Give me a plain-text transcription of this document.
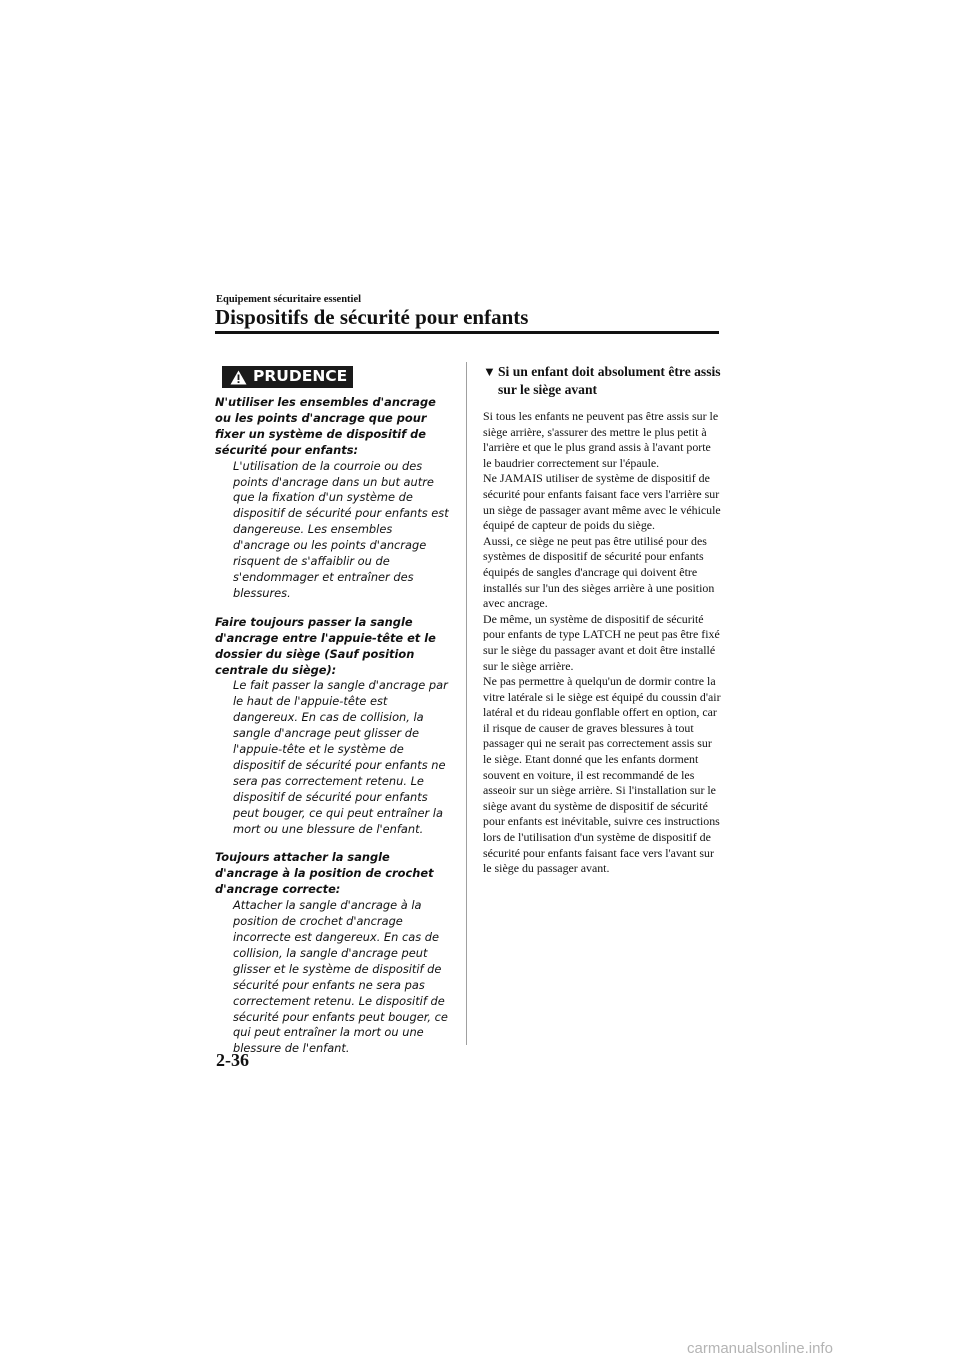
Equipement sécuritaire essentiel
Dispositifs de sécurité pour enfants
PRUDENCE

N'utiliser les ensembles d'ancrage ou les points d'ancrage que pour fixer un système de dispositif de sécurité pour enfants:

L'utilisation de la courroie ou des points d'ancrage dans un but autre que la fixation d'un système de dispositif de sécurité pour enfants est dangereuse. Les ensembles d'ancrage ou les points d'ancrage risquent de s'affaiblir ou de s'endommager et entraîner des blessures.

Faire toujours passer la sangle d'ancrage entre l'appuie-tête et le dossier du siège (Sauf position centrale du siège):

Le fait passer la sangle d'ancrage par le haut de l'appuie-tête est dangereux. En cas de collision, la sangle d'ancrage peut glisser de l'appuie-tête et le système de dispositif de sécurité pour enfants ne sera pas correctement retenu. Le dispositif de sécurité pour enfants peut bouger, ce qui peut entraîner la mort ou une blessure de l'enfant.

Toujours attacher la sangle d'ancrage à la position de crochet d'ancrage correcte:

Attacher la sangle d'ancrage à la position de crochet d'ancrage incorrecte est dangereux. En cas de collision, la sangle d'ancrage peut glisser et le système de dispositif de sécurité pour enfants ne sera pas correctement retenu. Le dispositif de sécurité pour enfants peut bouger, ce qui peut entraîner la mort ou une blessure de l'enfant.

▼ Si un enfant doit absolument être assis sur le siège avant

Si tous les enfants ne peuvent pas être assis sur le siège arrière, s'assurer des mettre le plus petit à l'arrière et que le plus grand assis à l'avant porte le baudrier correctement sur l'épaule.

Ne JAMAIS utiliser de système de dispositif de sécurité pour enfants faisant face vers l'arrière sur un siège de passager avant même avec le véhicule équipé de capteur de poids du siège.

Aussi, ce siège ne peut pas être utilisé pour des systèmes de dispositif de sécurité pour enfants équipés de sangles d'ancrage qui doivent être installés sur l'un des sièges arrière à une position avec ancrage.

De même, un système de dispositif de sécurité pour enfants de type LATCH ne peut pas être fixé sur le siège du passager avant et doit être installé sur le siège arrière.

Ne pas permettre à quelqu'un de dormir contre la vitre latérale si le siège est équipé du coussin d'air latéral et du rideau gonflable offert en option, car il risque de causer de graves blessures à tout passager qui ne serait pas correctement assis sur le siège. Etant donné que les enfants dorment souvent en voiture, il est recommandé de les asseoir sur un siège arrière. Si l'installation sur le siège avant du système de dispositif de sécurité pour enfants est inévitable, suivre ces instructions lors de l'utilisation d'un système de dispositif de sécurité pour enfants faisant face vers l'avant sur le siège du passager avant.

2-36
carmanualsonline.info
